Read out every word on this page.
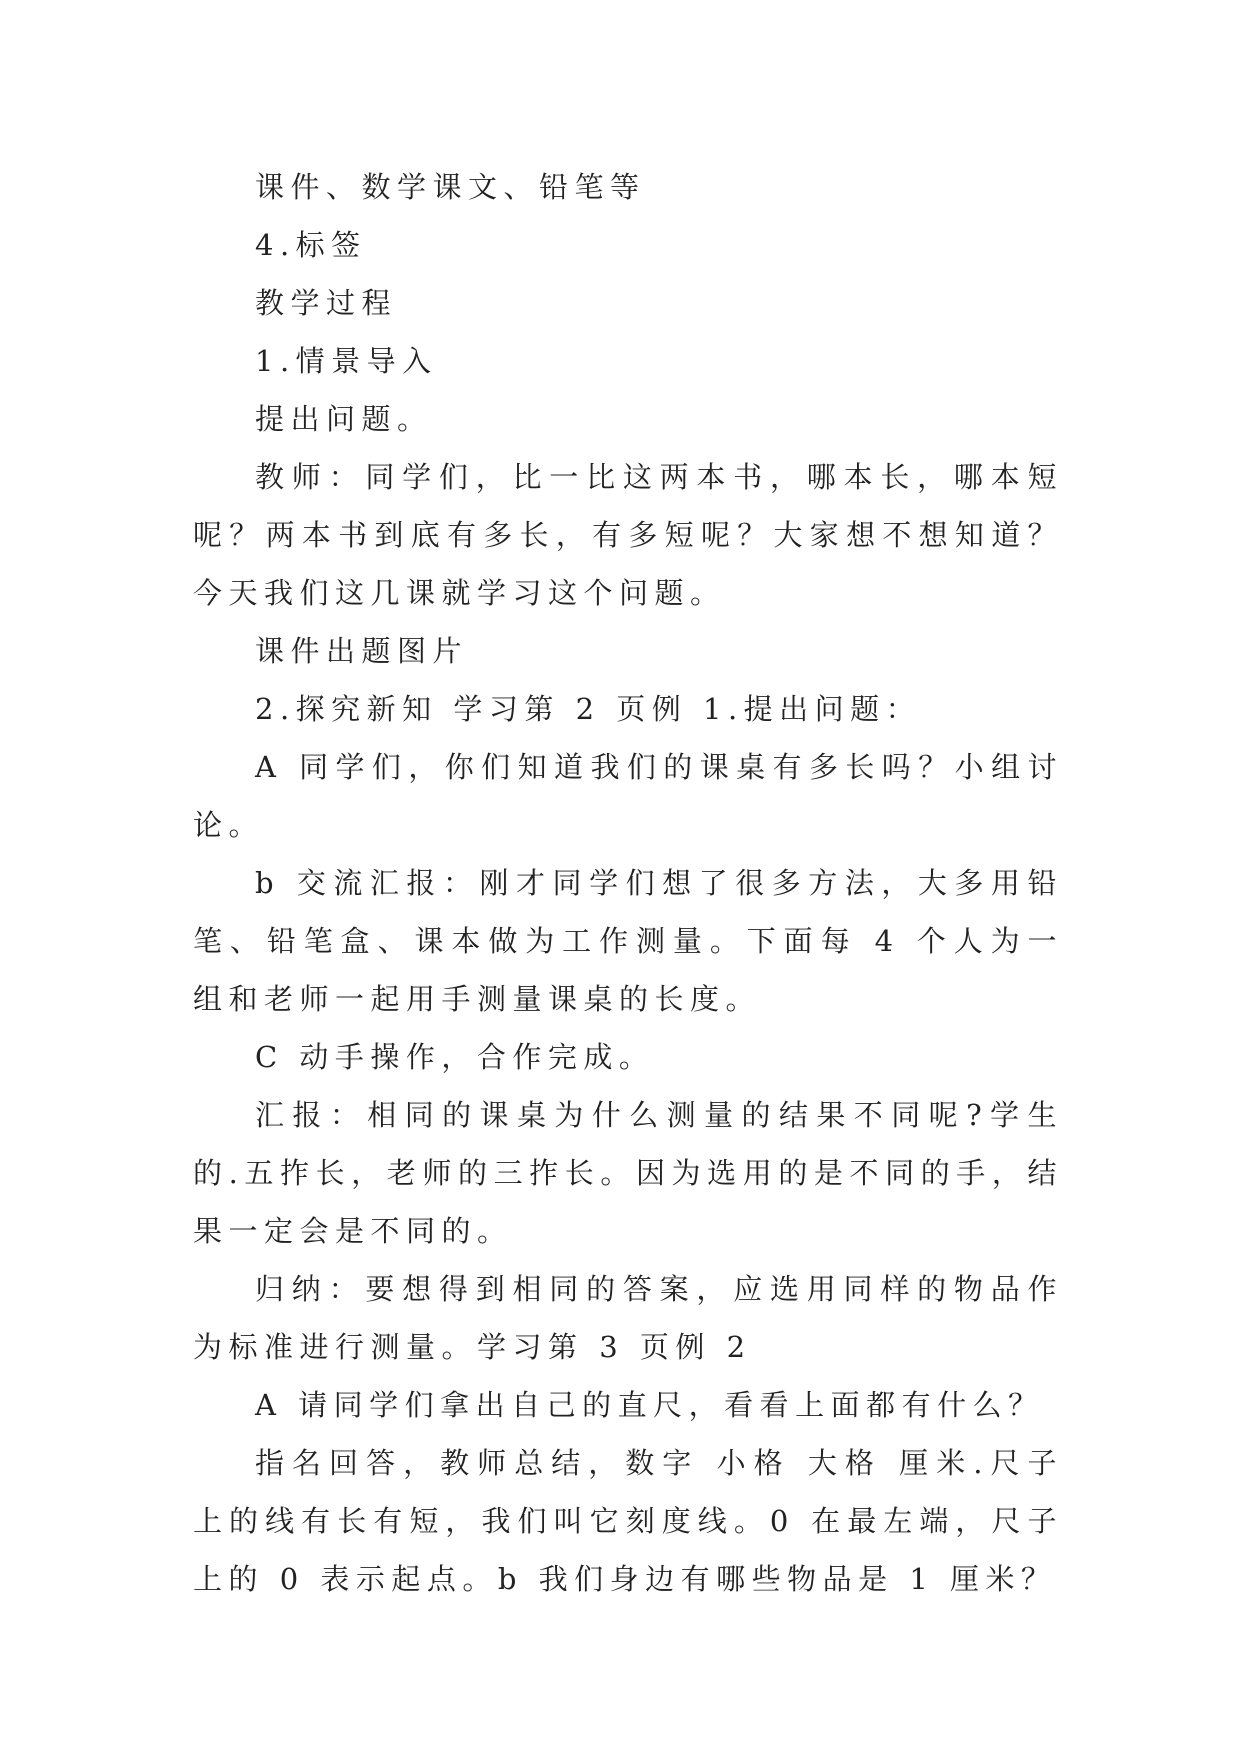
课件、数学课文、铅笔等

4.标签

教学过程

1.情景导入

提出问题。

教师：同学们，比一比这两本书，哪本长，哪本短呢？两本书到底有多长，有多短呢？大家想不想知道？今天我们这几课就学习这个问题。

课件出题图片

2.探究新知 学习第 2 页例 1.提出问题：

A 同学们，你们知道我们的课桌有多长吗？小组讨论。

b 交流汇报：刚才同学们想了很多方法，大多用铅笔、铅笔盒、课本做为工作测量。下面每 4 个人为一组和老师一起用手测量课桌的长度。

C 动手操作，合作完成。

汇报：相同的课桌为什么测量的结果不同呢?学生的.五拃长，老师的三拃长。因为选用的是不同的手，结果一定会是不同的。

归纳：要想得到相同的答案，应选用同样的物品作为标准进行测量。学习第 3 页例 2

A 请同学们拿出自己的直尺，看看上面都有什么？

指名回答，教师总结，数字 小格 大格 厘米.尺子上的线有长有短，我们叫它刻度线。0 在最左端，尺子上的 0 表示起点。b 我们身边有哪些物品是 1 厘米？
